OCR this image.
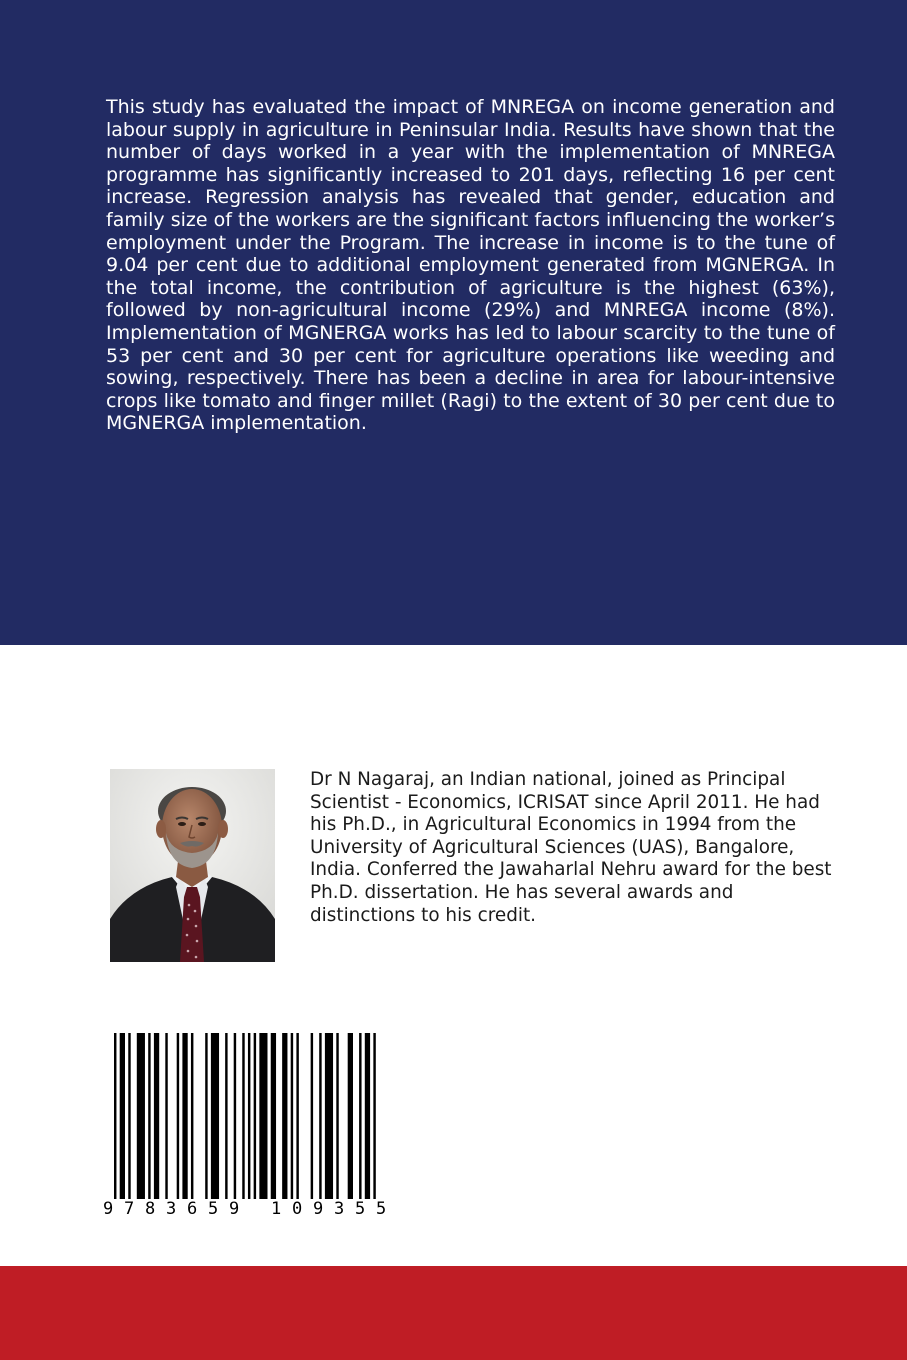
This study has evaluated the impact of MNREGA on income generation and labour supply in agriculture in Peninsular India. Results have shown that the number of days worked in a year with the implementation of MNREGA programme has significantly increased to 201 days, reflecting 16 per cent increase. Regression analysis has revealed that gender, education and family size of the workers are the significant factors influencing the worker’s employment under the Program. The increase in income is to the tune of 9.04 per cent due to additional employment generated from MGNERGA. In the total income, the contribution of agriculture is the highest (63%), followed by non-agricultural income (29%) and MNREGA income (8%). Implementation of MGNERGA works has led to labour scarcity to the tune of 53 per cent and 30 per cent for agriculture operations like weeding and sowing, respectively. There has been a decline in area for labour-intensive crops like tomato and finger millet (Ragi) to the extent of 30 per cent due to MGNERGA implementation.

Dr N Nagaraj, an Indian national, joined as Principal Scientist - Economics, ICRISAT since April 2011. He had his Ph.D., in Agricultural Economics in 1994 from the University of Agricultural Sciences (UAS), Bangalore, India. Conferred the Jawaharlal Nehru award for the best Ph.D. dissertation. He has several awards and distinctions to his credit.

9 7 8 3 6 5 9 1 0 9 3 5 5
